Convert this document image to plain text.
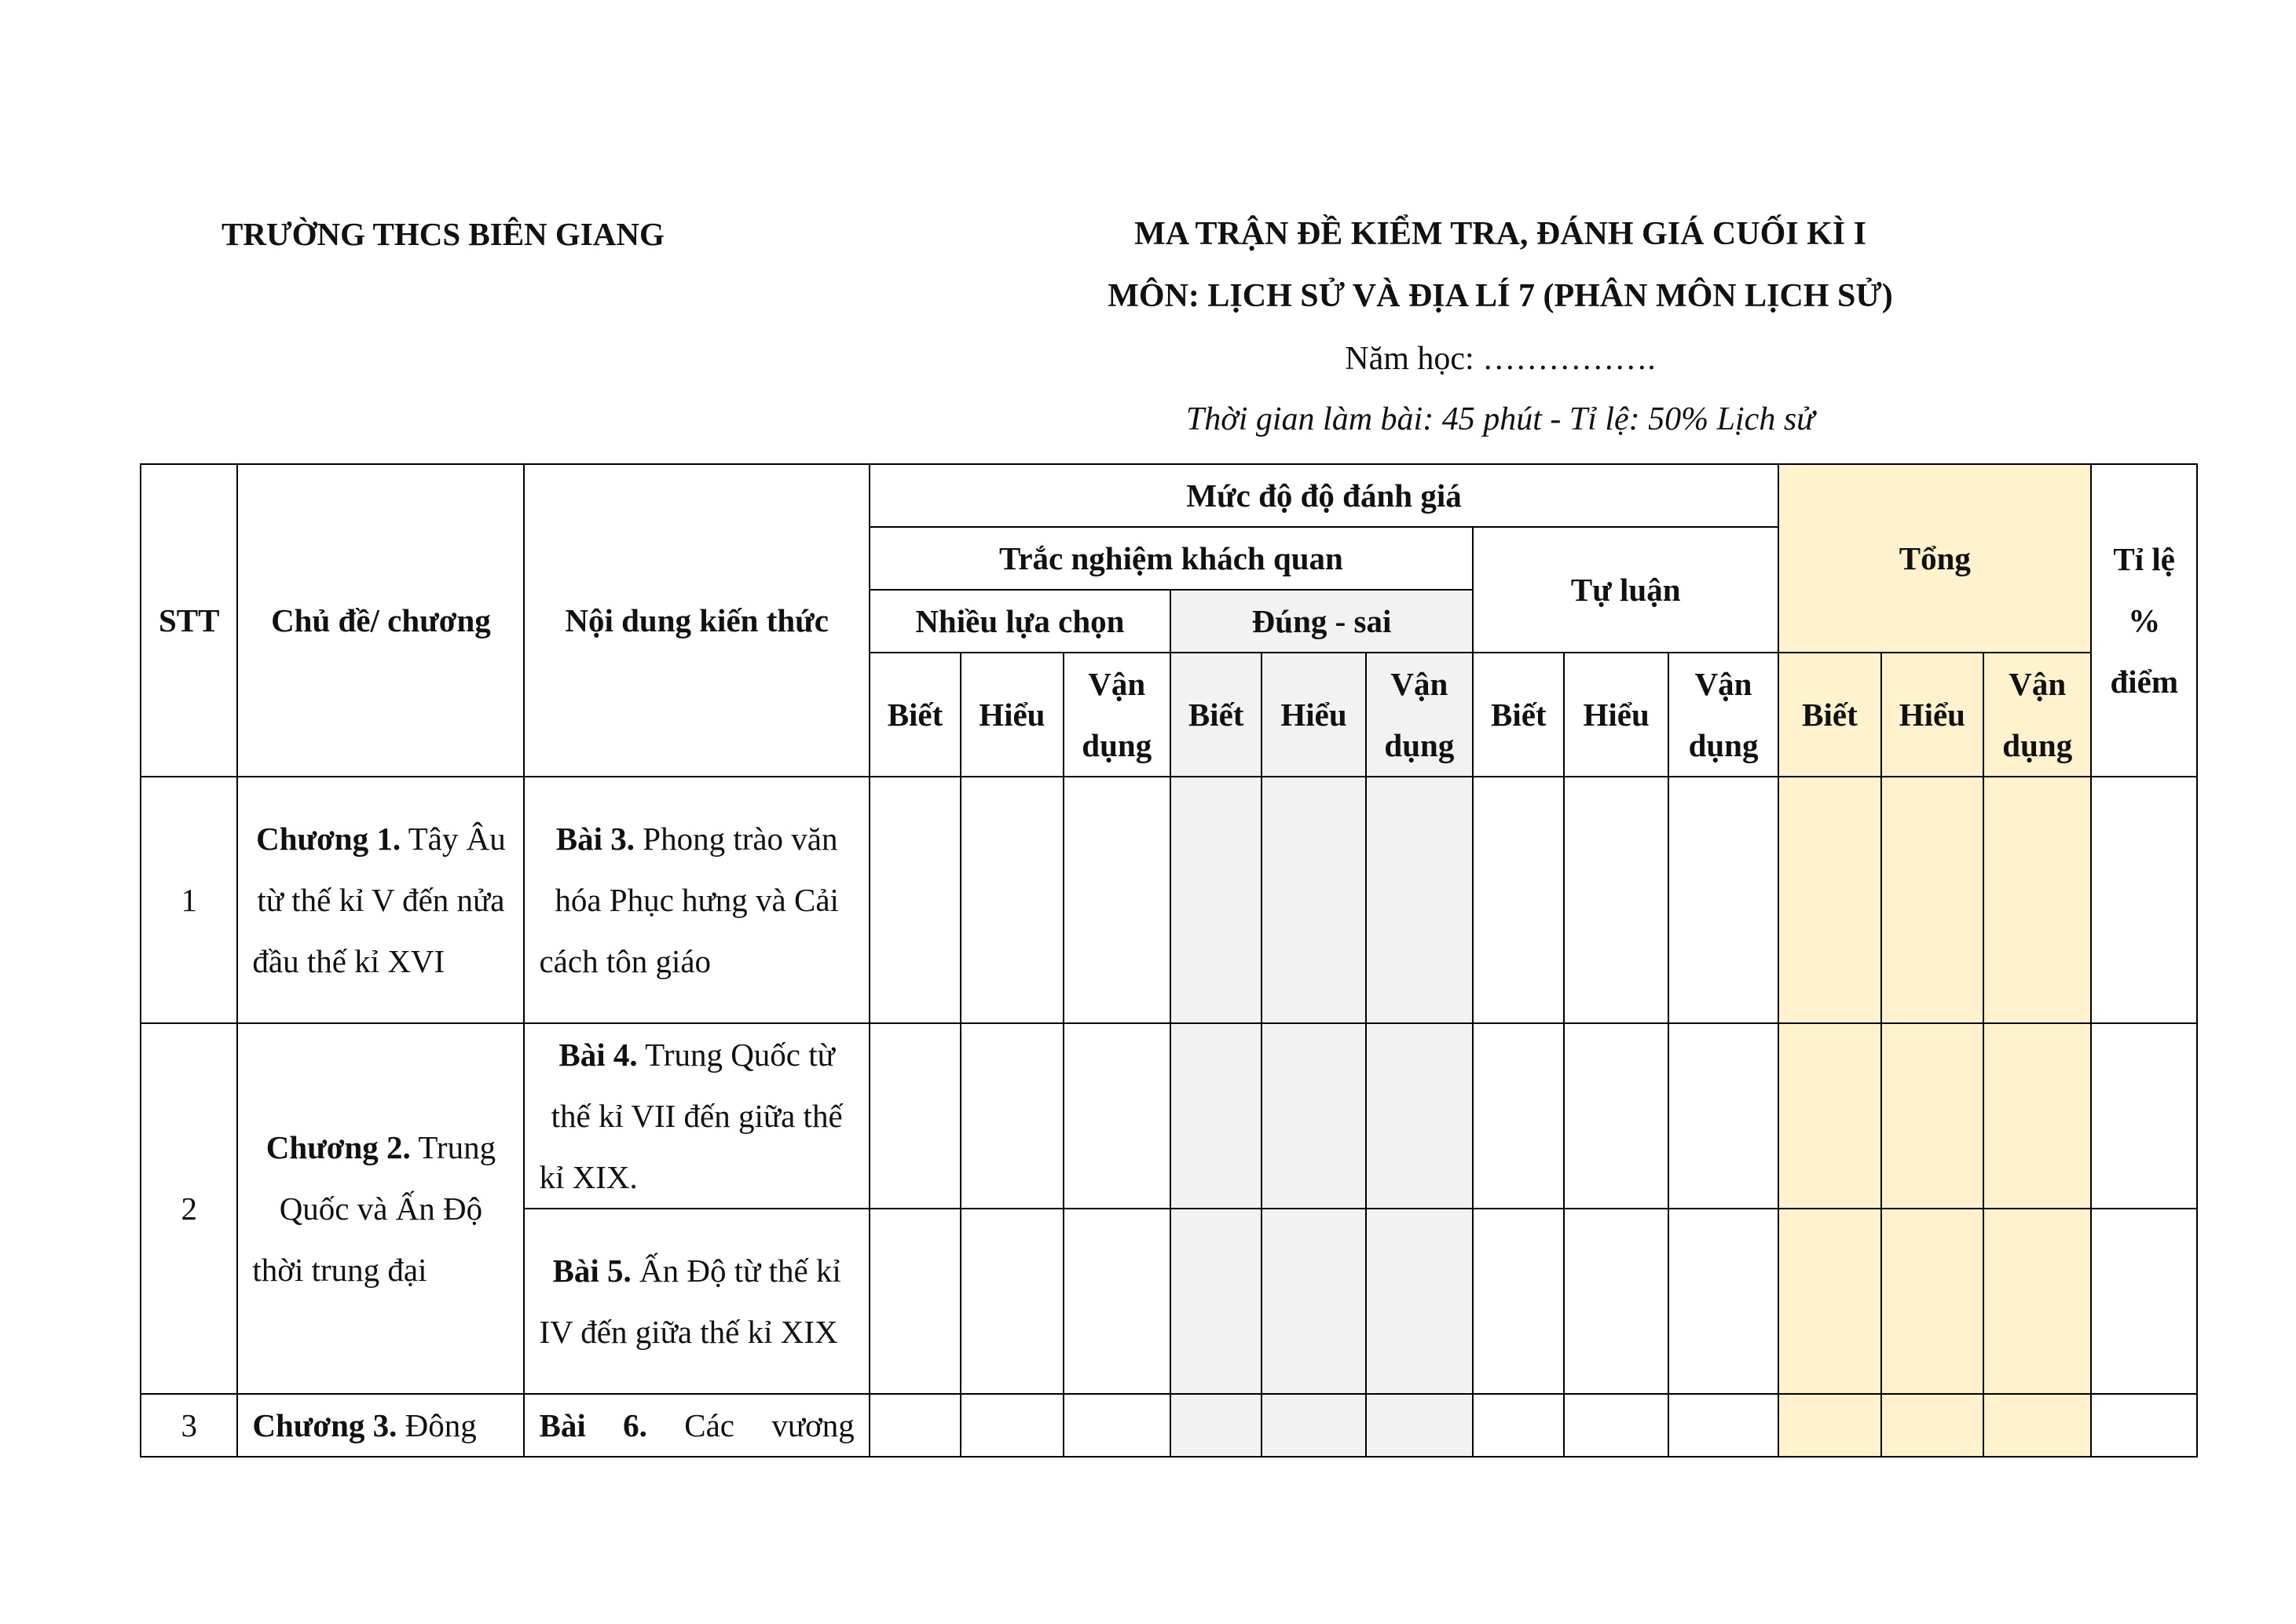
TRƯỜNG THCS BIÊN GIANG	MA TRẬN ĐỀ KIỂM TRA, ĐÁNH GIÁ CUỐI KÌ I
MÔN: LỊCH SỬ VÀ ĐỊA LÍ 7 (PHÂN MÔN LỊCH SỬ)
Năm học: …………….
Thời gian làm bài: 45 phút - Tỉ lệ: 50% Lịch sử
STT	Chủ đề/ chương	Nội dung kiến thức	Mức độ độ đánh giá									Tổng			Tỉ lệ % điểm
			Trắc nghiệm khách quan						Tự luận						
			Nhiều lựa chọn			Đúng - sai									
			Biết	Hiểu	Vận dụng	Biết	Hiểu	Vận dụng	Biết	Hiểu	Vận dụng	Biết	Hiểu	Vận dụng	
1	Chương 1. Tây Âu từ thế kỉ V đến nửa đầu thế kỉ XVI	Bài 3. Phong trào văn hóa Phục hưng và Cải cách tôn giáo													
2	Chương 2. Trung Quốc và Ấn Độ thời trung đại	Bài 4. Trung Quốc từ thế kỉ VII đến giữa thế kỉ XIX.													
		Bài 5. Ấn Độ từ thế kỉ IV đến giữa thế kỉ XIX													
3	Chương 3. Đông	Bài 6. Các vương													
